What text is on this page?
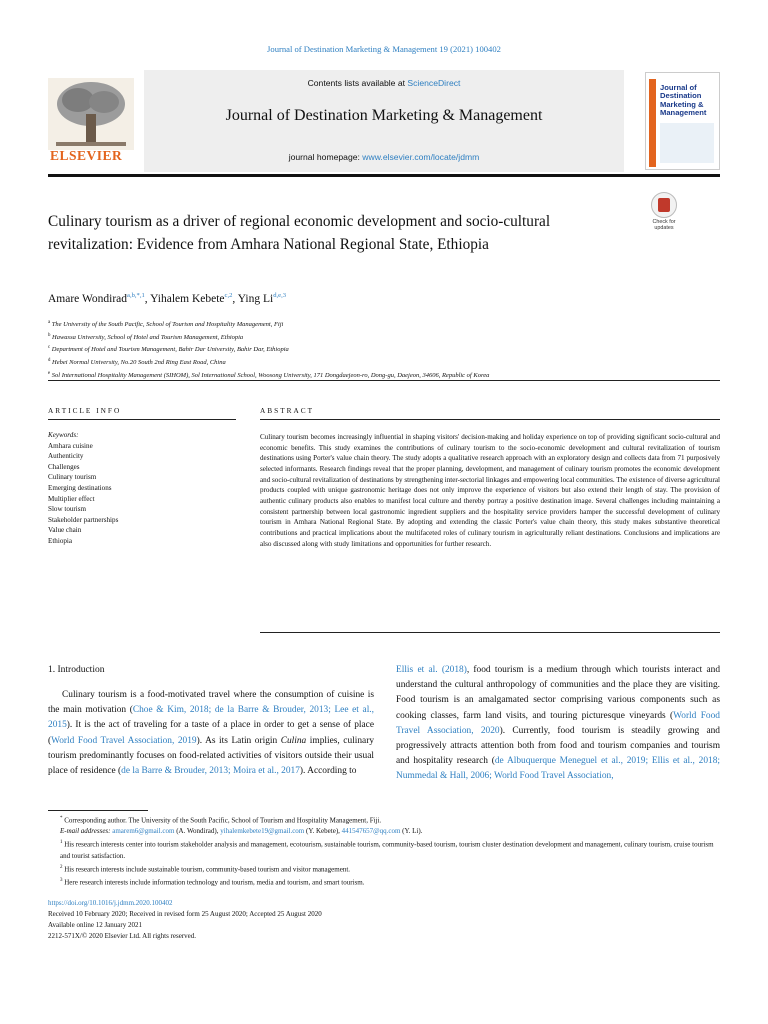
Journal of Destination Marketing & Management 19 (2021) 100402
ELSEVIER
Contents lists available at ScienceDirect
Journal of Destination Marketing & Management
journal homepage: www.elsevier.com/locate/jdmm
Journal of Destination Marketing & Management
Culinary tourism as a driver of regional economic development and socio-cultural revitalization: Evidence from Amhara National Regional State, Ethiopia
Check for updates
Amare Wondirad$^{a,b,*,1}$, Yihalem Kebete$^{c,2}$, Ying Li$^{d,e,3}$
$^a$ The University of the South Pacific, School of Tourism and Hospitality Management, Fiji
$^b$ Hawassa University, School of Hotel and Tourism Management, Ethiopia
$^c$ Department of Hotel and Tourism Management, Bahir Dar University, Bahir Dar, Ethiopia
$^d$ Hebei Normal University, No.20 South 2nd Ring East Road, China
$^e$ Sol International Hospitality Management (SIHOM), Sol International School, Woosong University, 171 Dongdaejeon-ro, Dong-gu, Daejeon, 34606, Republic of Korea
ARTICLE INFO	ABSTRACT
Keywords:
Amhara cuisine
Authenticity
Challenges
Culinary tourism
Emerging destinations
Multiplier effect
Slow tourism
Stakeholder partnerships
Value chain
Ethiopia
Culinary tourism becomes increasingly influential in shaping visitors' decision-making and holiday experience on top of providing significant socio-cultural and economic benefits. This study examines the contributions of culinary tourism to the socio-economic development and cultural revitalization of tourism destinations using Porter's value chain theory. The study adopts a qualitative research approach with an exploratory design and collects data from 71 purposively selected informants. Research findings reveal that the proper planning, development, and management of culinary tourism promotes the economic development and socio-cultural revitalization of destinations by strengthening inter-sectorial linkages and empowering local communities. The existence of diverse agricultural products coupled with unique gastronomic heritage does not only improve the experience of visitors but also extend their length of stay. The provision of authentic culinary products also enables to manifest local culture and thereby portray a positive destination image. Several challenges including maintaining a consistent partnership between local gastronomic ingredient suppliers and the hospitality service providers hamper the successful development of culinary tourism in Amhara National Regional State. By adopting and extending the classic Porter's value chain theory, this study makes substantive theoretical contributions and practical implications about the multifaceted roles of culinary tourism in agriculturally reliant destinations. Conclusions and implications are also discussed along with study limitations and opportunities for further research.
1. Introduction
Culinary tourism is a food-motivated travel where the consumption of cuisine is the main motivation (Choe & Kim, 2018; de la Barre & Brouder, 2013; Lee et al., 2015). It is the act of traveling for a taste of a place in order to get a sense of place (World Food Travel Association, 2019). As its Latin origin Culina implies, culinary tourism predominantly focuses on food-related activities of visitors outside their usual place of residence (de la Barre & Brouder, 2013; Moira et al., 2017). According to
Ellis et al. (2018), food tourism is a medium through which tourists interact and understand the cultural anthropology of communities and the place they are visiting. Food tourism is an amalgamated sector comprising various components such as cooking classes, farm land visits, and touring picturesque vineyards (World Food Travel Association, 2020). Currently, food tourism is steadily growing and progressively attracts attention both from food and tourism companies and tourism and hospitality research (de Albuquerque Meneguel et al., 2019; Ellis et al., 2018; Nummedal & Hall, 2006; World Food Travel Association,

* Corresponding author. The University of the South Pacific, School of Tourism and Hospitality Management, Fiji.

E-mail addresses: amarem6@gmail.com (A. Wondirad), yihalemkebete19@gmail.com (Y. Kebete), 441547657@qq.com (Y. Li).

$^1$ His research interests center into tourism stakeholder analysis and management, ecotourism, sustainable tourism, community-based tourism, tourism cluster destination development and management, culinary tourism, cruise tourism and tourist satisfaction.

$^2$ His research interests include sustainable tourism, community-based tourism and visitor management.

$^3$ Here research interests include information technology and tourism, media and tourism, and smart tourism.

https://doi.org/10.1016/j.jdmm.2020.100402
Received 10 February 2020; Received in revised form 25 August 2020; Accepted 25 August 2020
Available online 12 January 2021
2212-571X/© 2020 Elsevier Ltd. All rights reserved.
